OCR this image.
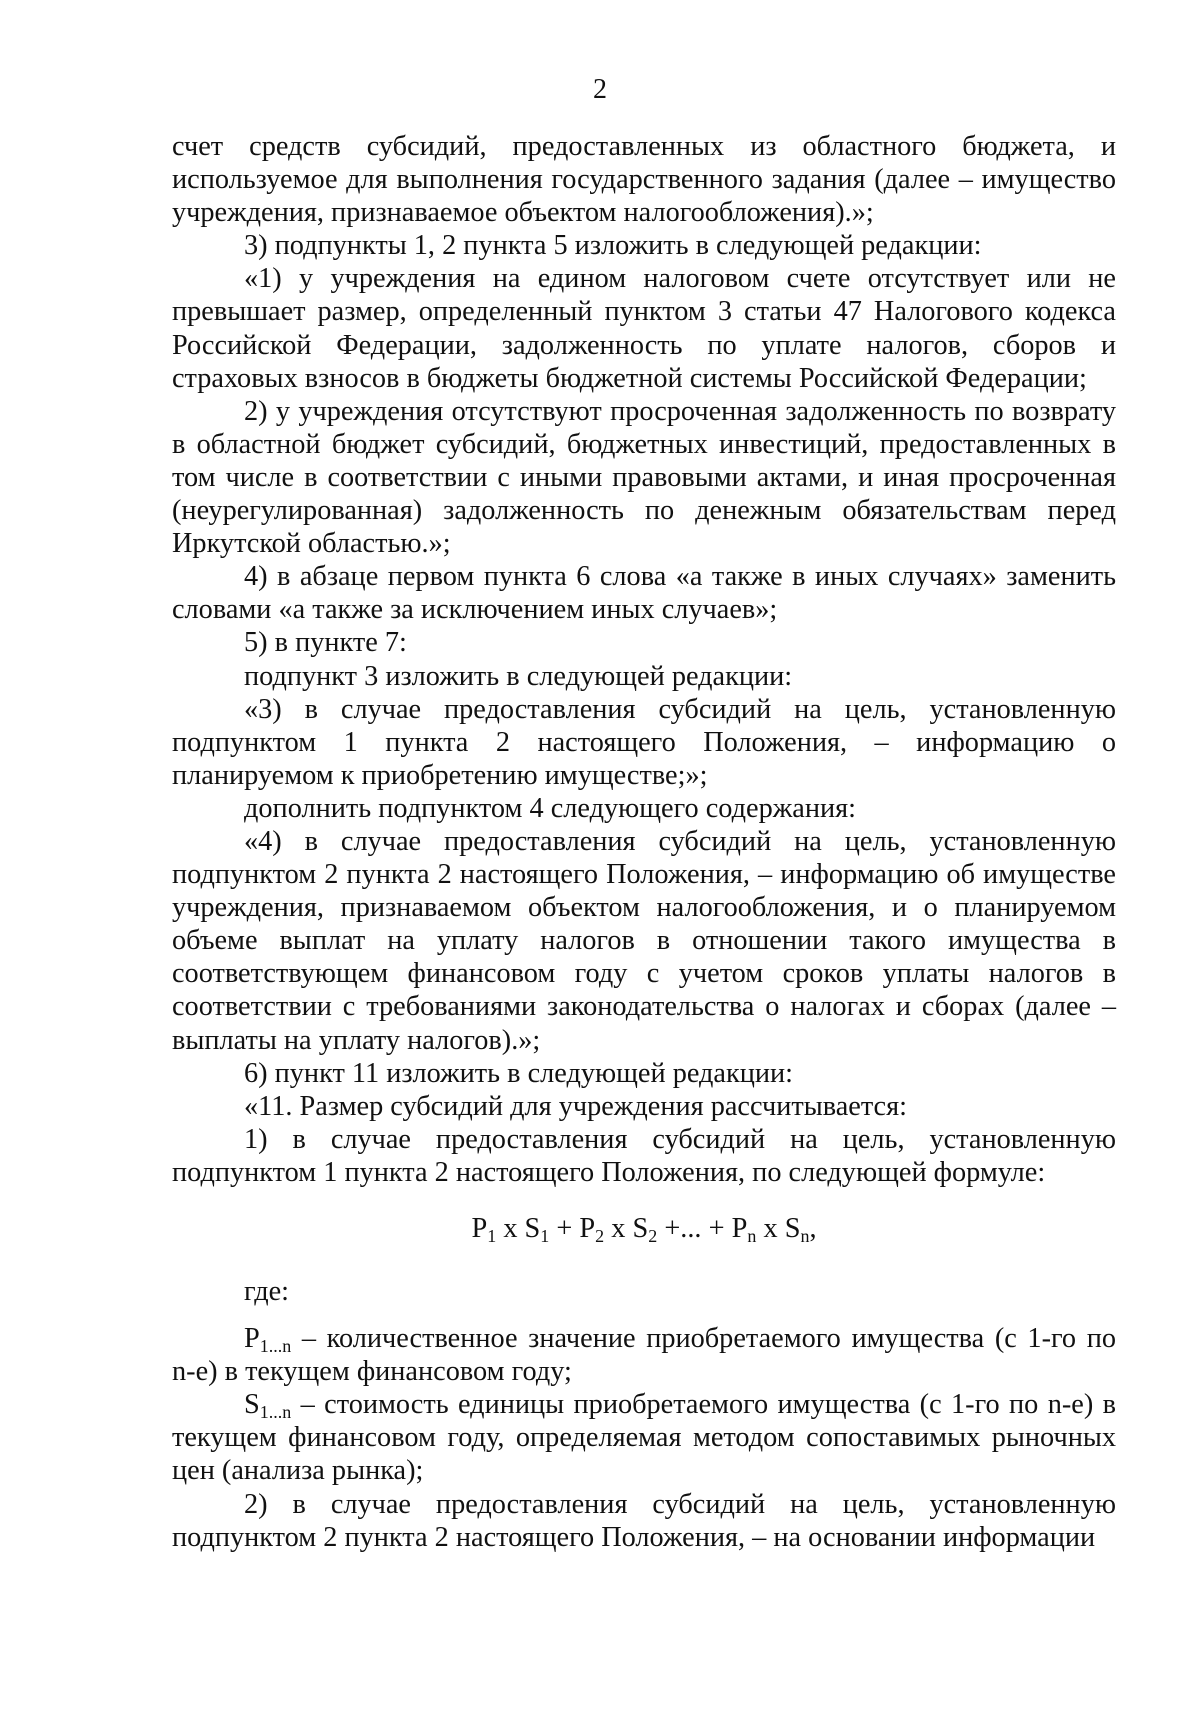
2

счет средств субсидий, предоставленных из областного бюджета, и используемое для выполнения государственного задания (далее – имущество учреждения, признаваемое объектом налогообложения).»;

3) подпункты 1, 2 пункта 5 изложить в следующей редакции:

«1) у учреждения на едином налоговом счете отсутствует или не превышает размер, определенный пунктом 3 статьи 47 Налогового кодекса Российской Федерации, задолженность по уплате налогов, сборов и страховых взносов в бюджеты бюджетной системы Российской Федерации;

2) у учреждения отсутствуют просроченная задолженность по возврату в областной бюджет субсидий, бюджетных инвестиций, предоставленных в том числе в соответствии с иными правовыми актами, и иная просроченная (неурегулированная) задолженность по денежным обязательствам перед Иркутской областью.»;

4) в абзаце первом пункта 6 слова «а также в иных случаях» заменить словами «а также за исключением иных случаев»;

5) в пункте 7:

подпункт 3 изложить в следующей редакции:

«3) в случае предоставления субсидий на цель, установленную подпунктом 1 пункта 2 настоящего Положения, – информацию о планируемом к приобретению имуществе;»;

дополнить подпунктом 4 следующего содержания:

«4) в случае предоставления субсидий на цель, установленную подпунктом 2 пункта 2 настоящего Положения, – информацию об имуществе учреждения, признаваемом объектом налогообложения, и о планируемом объеме выплат на уплату налогов в отношении такого имущества в соответствующем финансовом году с учетом сроков уплаты налогов в соответствии с требованиями законодательства о налогах и сборах (далее – выплаты на уплату налогов).»;

6) пункт 11 изложить в следующей редакции:

«11. Размер субсидий для учреждения рассчитывается:

1) в случае предоставления субсидий на цель, установленную подпунктом 1 пункта 2 настоящего Положения, по следующей формуле:

$P_1$ x $S_1 + P_2$ x $S_2$ +... + $P_n$ x $S_n$,

где:

$P_{1...n}$ – количественное значение приобретаемого имущества (с 1-го по n-е) в текущем финансовом году;

$S_{1...n}$ – стоимость единицы приобретаемого имущества (с 1-го по n-е) в текущем финансовом году, определяемая методом сопоставимых рыночных цен (анализа рынка);

2) в случае предоставления субсидий на цель, установленную подпунктом 2 пункта 2 настоящего Положения, – на основании информации
